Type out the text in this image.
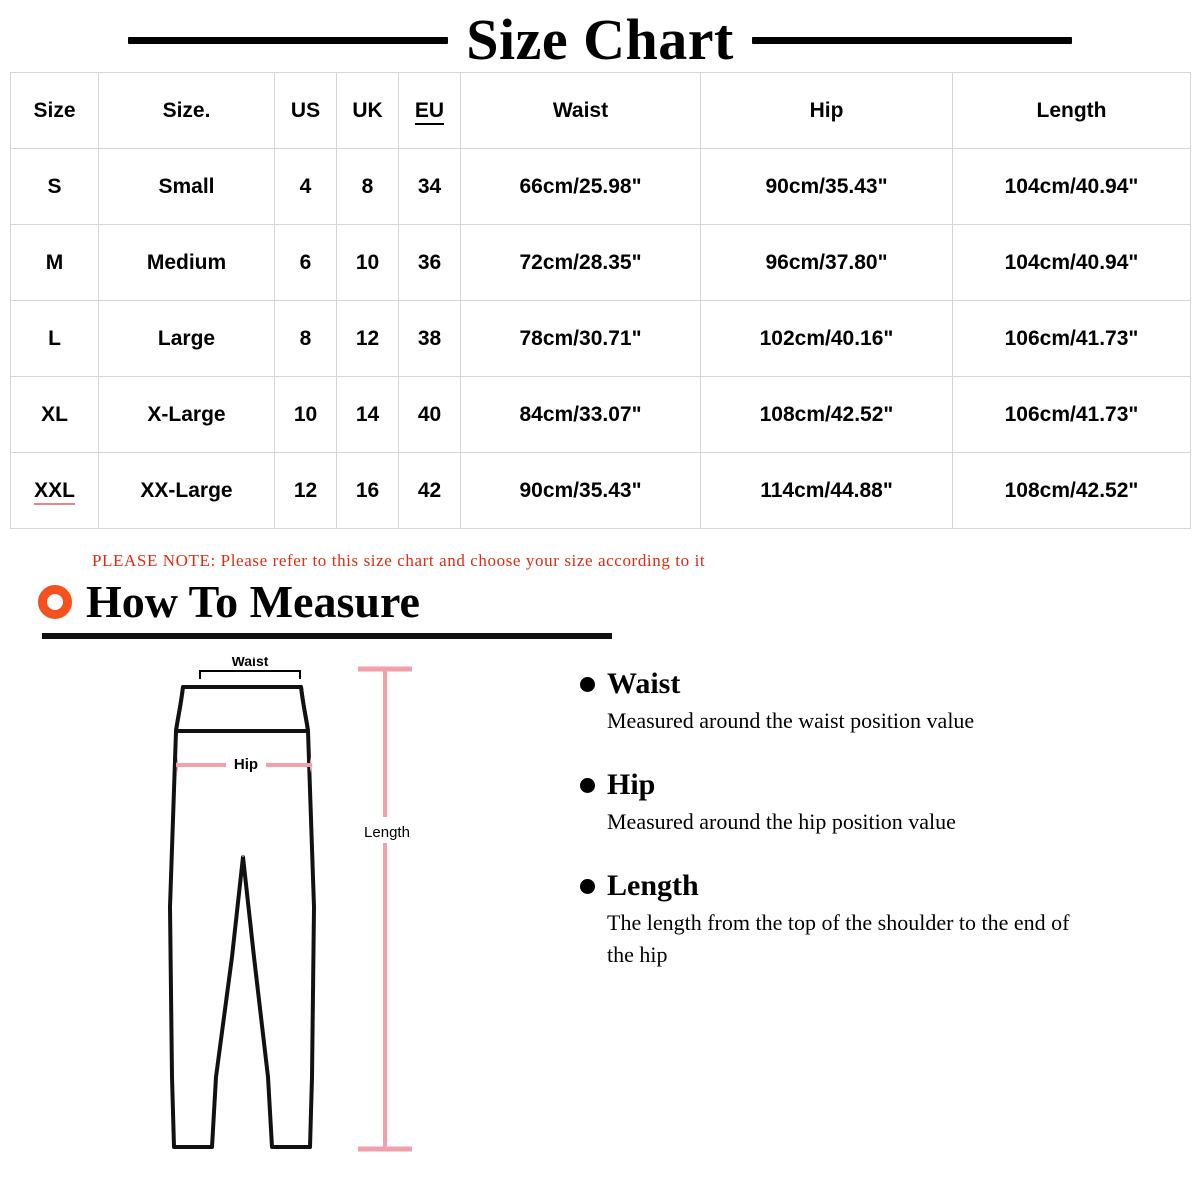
Size Chart
Size	Size.	US	UK	EU	Waist	Hip	Length
S	Small	4	8	34	66cm/25.98"	90cm/35.43"	104cm/40.94"
M	Medium	6	10	36	72cm/28.35"	96cm/37.80"	104cm/40.94"
L	Large	8	12	38	78cm/30.71"	102cm/40.16"	106cm/41.73"
XL	X-Large	10	14	40	84cm/33.07"	108cm/42.52"	106cm/41.73"
XXL	XX-Large	12	16	42	90cm/35.43"	114cm/44.88"	108cm/42.52"
PLEASE NOTE: Please refer to this size chart and choose your size according to it
How To Measure
Waist
Hip
Length
Waist
Measured around the waist position value
Hip
Measured around the hip position value
Length
The length from the top of the shoulder to the end of the hip
